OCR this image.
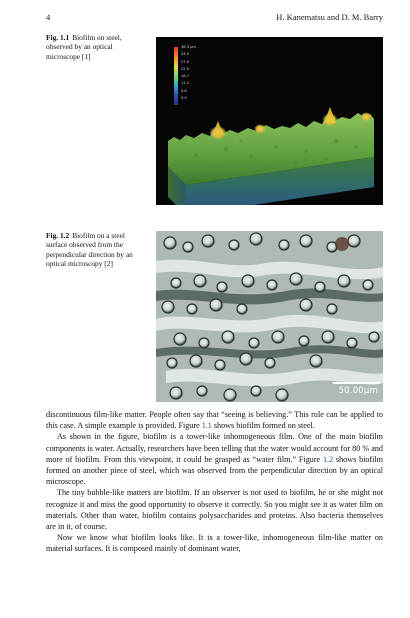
4	H. Kanematsu and D. M. Barry
Fig. 1.1 Biofilm on steel, observed by an optical microscope [1]
38.3 µm
33.5
27.0
22.0
16.7
11.2
5.6
0.0
Fig. 1.2 Biofilm on a steel surface observed from the perpendicular direction by an optical microscopy [2]
50.00µm

discontinuous film-like matter. People often say that “seeing is believing.” This rule can be applied to this case. A simple example is provided. Figure 1.1 shows biofilm formed on steel.

As shown in the figure, biofilm is a tower-like inhomogeneous film. One of the main biofilm components is water. Actually, researchers have been telling that the water would account for 80 % and more of biofilm. From this viewpoint, it could be grasped as “water film.” Figure 1.2 shows biofilm formed on another piece of steel, which was observed from the perpendicular direction by an optical microscope.

The tiny bubble-like matters are biofilm. If an observer is not used to biofilm, he or she might not recognize it and miss the good opportunity to observe it correctly. So you might see it as water film on materials. Other than water, biofilm contains polysaccharides and proteins. Also bacteria themselves are in it, of course.

Now we know what biofilm looks like. It is a tower-like, inhomogeneous film-like matter on material surfaces. It is composed mainly of dominant water,
